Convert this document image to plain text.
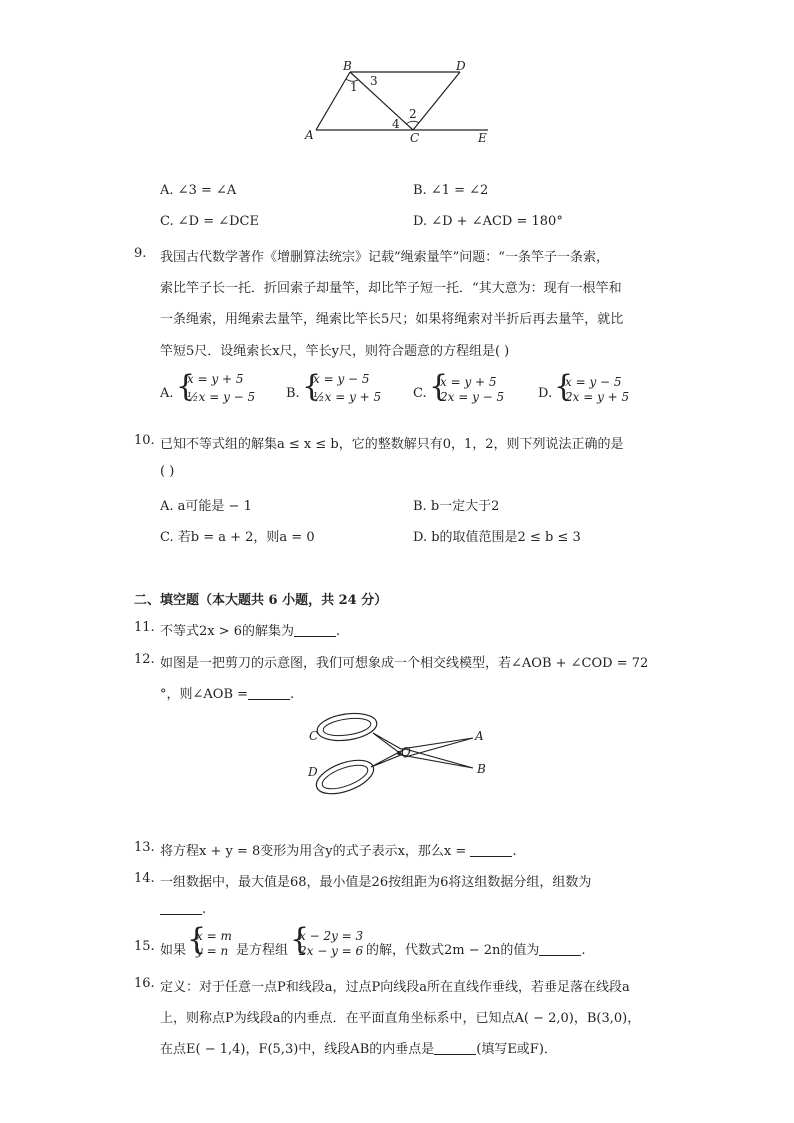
B	D
A	C	E
1 3
2
4
A. ∠3 = ∠A	B. ∠1 = ∠2
C. ∠D = ∠DCE	D. ∠D + ∠ACD = 180°
9. 我国古代数学著作《增删算法统宗》记载”绳索量竿”问题：“一条竿子一条索，
索比竿子长一托．折回索子却量竿，却比竿子短一托．“其大意为：现有一根竿和
一条绳索，用绳索去量竿，绳索比竿长5尺；如果将绳索对半折后再去量竿，就比
竿短5尺．设绳索长x尺，竿长y尺，则符合题意的方程组是( )
A. {
x = y + 5
½x = y − 5 B. {
x = y − 5
½x = y + 5 C. {
x = y + 5
2x = y − 5	D. {
x = y − 5
2x = y + 5
10. 已知不等式组的解集a ≤ x ≤ b，它的整数解只有0，1，2，则下列说法正确的是
( )
A. a可能是 − 1	B. b一定大于2
C. 若b = a + 2，则a = 0	D. b的取值范围是2 ≤ b ≤ 3
二、填空题（本大题共 6 小题，共 24 分）
11. 不等式2x > 6的解集为	.
12. 如图是一把剪刀的示意图，我们可想象成一个相交线模型，若∠AOB + ∠COD = 72
°，则∠AOB =	.
C
D
O
A
B
13. 将方程x + y = 8变形为用含y的式子表示x，那么x =	.
14. 一组数据中，最大值是68，最小值是26按组距为6将这组数据分组，组数为
.
15. 如果 {
x = m
y = n 是方程组 {
x − 2y = 3
2x − y = 6 的解，代数式2m − 2n的值为	.
16. 定义：对于任意一点P和线段a，过点P向线段a所在直线作垂线，若垂足落在线段a
上，则称点P为线段a的内垂点．在平面直角坐标系中，已知点A( − 2,0)，B(3,0)，
在点E( − 1,4)，F(5,3)中，线段AB的内垂点是	(填写E或F)．
